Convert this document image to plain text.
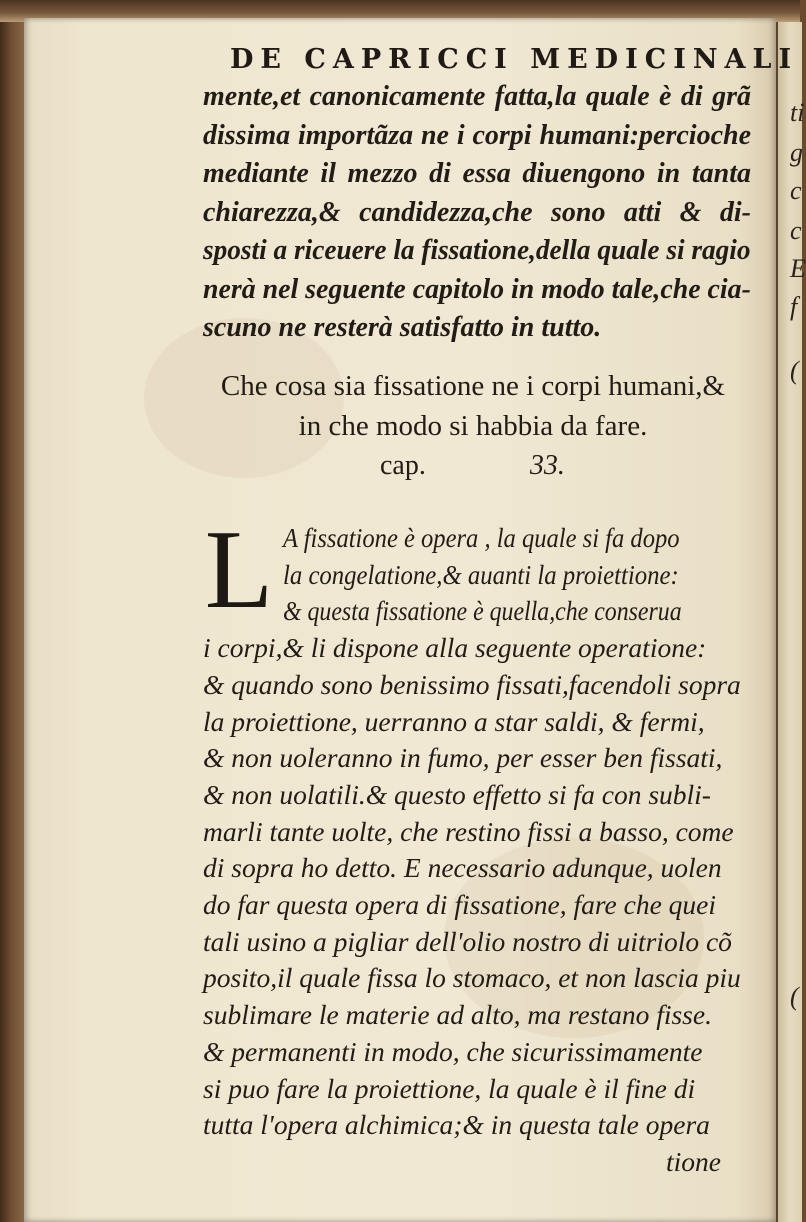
ti
g
c
c
E
f
(
(
DE CAPRICCI MEDICINALI
mente,et canonicamente fatta,la quale è di grã
dissima importãza ne i corpi humani:percioche
mediante il mezzo di essa diuengono in tanta
chiarezza,& candidezza,che sono atti & di-
sposti a riceuere la fissatione,della quale si ragio
nerà nel seguente capitolo in modo tale,che cia-
scuno ne resterà satisfatto in tutto.
Che cosa sia fissatione ne i corpi humani,&
in che modo si habbia da fare.
cap.	33.
L A fissatione è opera , la quale si fa dopo
la congelatione,& auanti la proiettione:
& questa fissatione è quella,che conserua
i corpi,& li dispone alla seguente operatione:
& quando sono benissimo fissati,facendoli sopra
la proiettione, uerranno a star saldi, & fermi,
& non uoleranno in fumo, per esser ben fissati,
& non uolatili.& questo effetto si fa con subli-
marli tante uolte, che restino fissi a basso, come
di sopra ho detto. E necessario adunque, uolen
do far questa opera di fissatione, fare che quei
tali usino a pigliar dell'olio nostro di uitriolo cõ
posito,il quale fissa lo stomaco, et non lascia piu
sublimare le materie ad alto, ma restano fisse.
& permanenti in modo, che sicurissimamente
si puo fare la proiettione, la quale è il fine di
tutta l'opera alchimica;& in questa tale opera
tione
